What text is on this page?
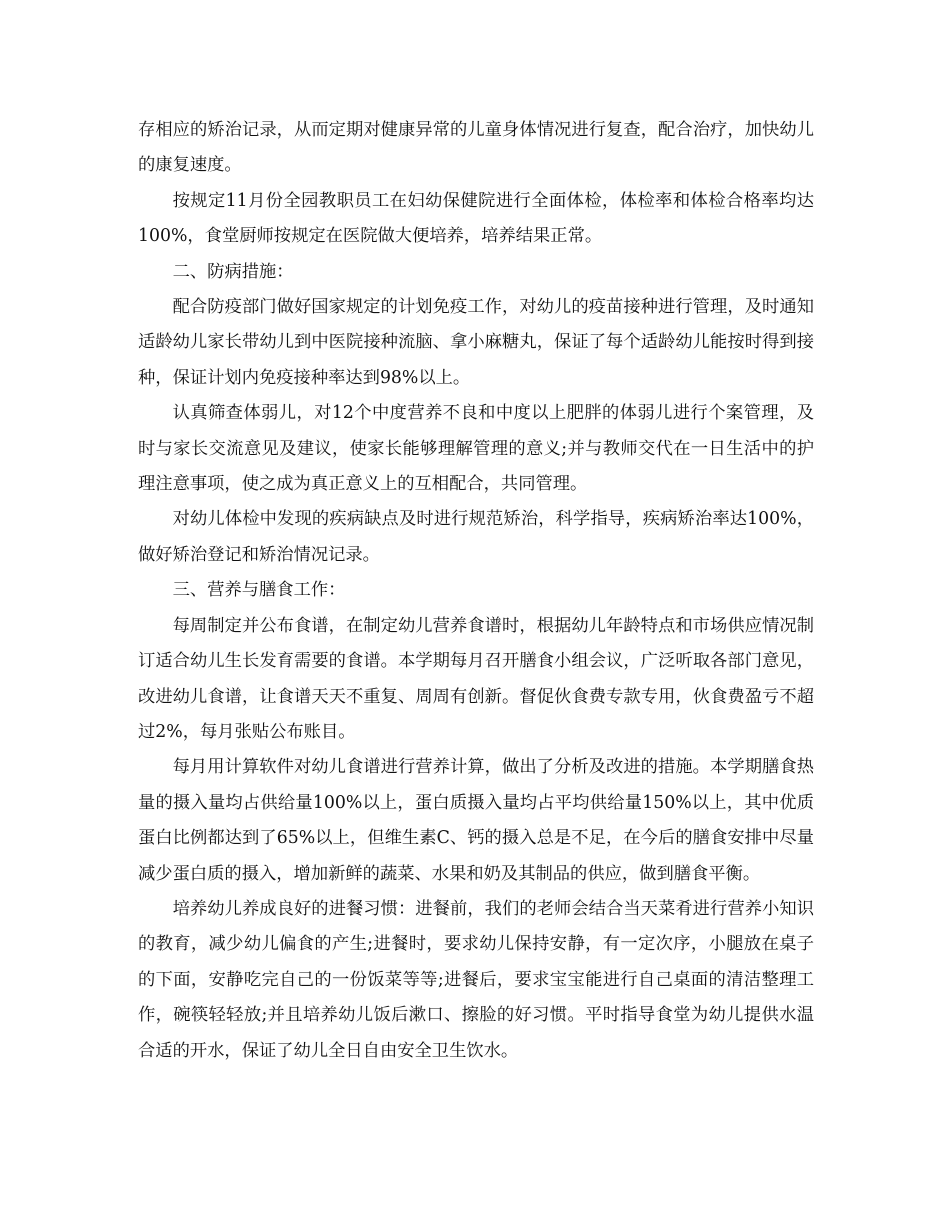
存相应的矫治记录，从而定期对健康异常的儿童身体情况进行复查，配合治疗，加快幼儿的康复速度。

按规定11月份全园教职员工在妇幼保健院进行全面体检，体检率和体检合格率均达100%，食堂厨师按规定在医院做大便培养，培养结果正常。

二、防病措施：

配合防疫部门做好国家规定的计划免疫工作，对幼儿的疫苗接种进行管理，及时通知适龄幼儿家长带幼儿到中医院接种流脑、拿小麻糖丸，保证了每个适龄幼儿能按时得到接种，保证计划内免疫接种率达到98%以上。

认真筛查体弱儿，对12个中度营养不良和中度以上肥胖的体弱儿进行个案管理，及时与家长交流意见及建议，使家长能够理解管理的意义;并与教师交代在一日生活中的护理注意事项，使之成为真正意义上的互相配合，共同管理。

对幼儿体检中发现的疾病缺点及时进行规范矫治，科学指导，疾病矫治率达100%，做好矫治登记和矫治情况记录。

三、营养与膳食工作：

每周制定并公布食谱，在制定幼儿营养食谱时，根据幼儿年龄特点和市场供应情况制订适合幼儿生长发育需要的食谱。本学期每月召开膳食小组会议，广泛听取各部门意见，改进幼儿食谱，让食谱天天不重复、周周有创新。督促伙食费专款专用，伙食费盈亏不超过2%，每月张贴公布账目。

每月用计算软件对幼儿食谱进行营养计算，做出了分析及改进的措施。本学期膳食热量的摄入量均占供给量100%以上，蛋白质摄入量均占平均供给量150%以上，其中优质蛋白比例都达到了65%以上，但维生素C、钙的摄入总是不足，在今后的膳食安排中尽量减少蛋白质的摄入，增加新鲜的蔬菜、水果和奶及其制品的供应，做到膳食平衡。

培养幼儿养成良好的进餐习惯：进餐前，我们的老师会结合当天菜肴进行营养小知识的教育，减少幼儿偏食的产生;进餐时，要求幼儿保持安静，有一定次序，小腿放在桌子的下面，安静吃完自己的一份饭菜等等;进餐后，要求宝宝能进行自己桌面的清洁整理工作，碗筷轻轻放;并且培养幼儿饭后漱口、擦脸的好习惯。平时指导食堂为幼儿提供水温合适的开水，保证了幼儿全日自由安全卫生饮水。
